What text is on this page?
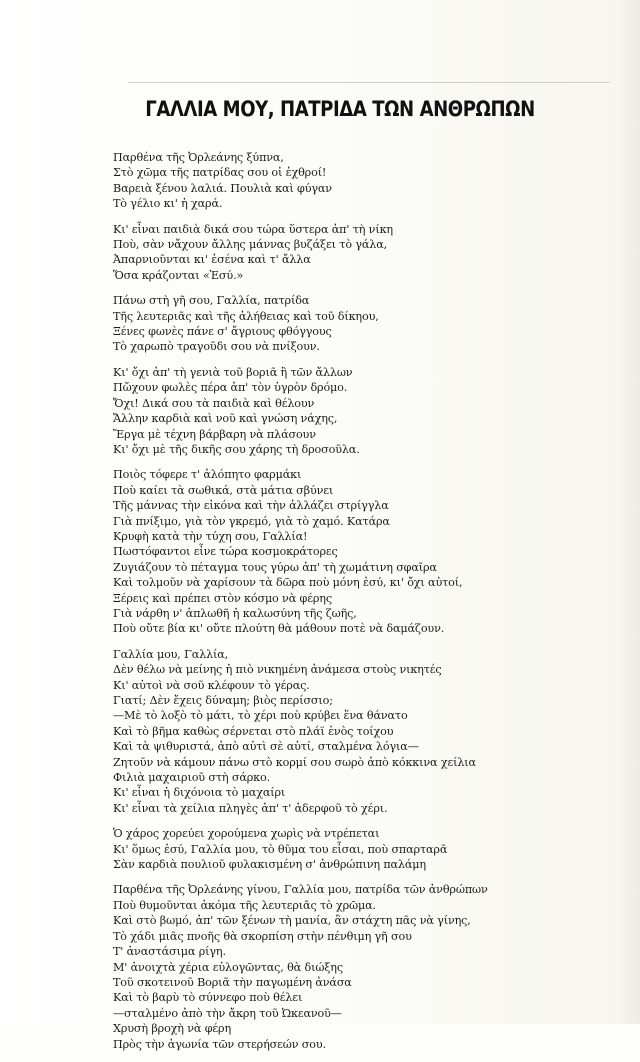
ΓΑΛΛΙΑ ΜΟΥ, ΠΑΤΡΙΔΑ ΤΩΝ ΑΝΘΡΩΠΩΝ
Παρθένα τῆς Ὀρλεάνης ξύπνα,
Στὸ χῶμα τῆς πατρίδας σου οἱ ἐχθροί!
Βαρειὰ ξένου λαλιά. Πουλιὰ καὶ φύγαν
Τὸ γέλιο κι' ἡ χαρά.
Κι' εἶναι παιδιὰ δικά σου τώρα ὕστερα ἀπ' τὴ νίκη
Ποὺ, σὰν νἄχουν ἄλλης μάννας βυζάξει τὸ γάλα,
Ἀπαρνιοῦνται κι' ἐσένα καὶ τ' ἄλλα
Ὅσα κράζονται «Ἐσύ.»
Πάνω στὴ γῆ σου, Γαλλία, πατρίδα
Τῆς λευτεριᾶς καὶ τῆς ἀλήθειας καὶ τοῦ δίκηου,
Ξένες φωνὲς πάνε σ' ἄγριους φθόγγους
Τὸ χαρωπὸ τραγοῦδι σου νὰ πνίξουν.
Κι' ὄχι ἀπ' τὴ γενιὰ τοῦ βοριᾶ ἢ τῶν ἄλλων
Πὤχουν φωλὲς πέρα ἀπ' τὸν ὑγρὸν δρόμο.
Ὄχι! Δικά σου τὰ παιδιὰ καὶ θέλουν
Ἄλλην καρδιὰ καὶ νοῦ καὶ γνώση νάχης,
Ἔργα μὲ τέχνη βάρβαρη νὰ πλάσουν
Κι' ὄχι μὲ τῆς δικῆς σου χάρης τὴ δροσοῦλα.
Ποιὸς τόφερε τ' ἀλόπητο φαρμάκι
Ποὺ καίει τὰ σωθικά, στὰ μάτια σβύνει
Τῆς μάννας τὴν εἰκόνα καὶ τὴν ἀλλάζει στρίγγλα
Γιὰ πνίξιμο, γιὰ τὸν γκρεμό, γιὰ τὸ χαμό. Κατάρα
Κρυφὴ κατὰ τὴν τύχη σου, Γαλλία!
Πωστόφαντοι εἶνε τώρα κοσμοκράτορες
Ζυγιάζουν τὸ πέταγμα τους γύρω ἀπ' τὴ χωμάτινη σφαῖρα
Καὶ τολμοῦν νὰ χαρίσουν τὰ δῶρα ποὺ μόνη ἐσύ, κι' ὄχι αὐτοί,
Ξέρεις καὶ πρέπει στὸν κόσμο νὰ φέρης
Γιὰ νάρθη ν' ἁπλωθῆ ἡ καλωσύνη τῆς ζωῆς,
Ποὺ οὔτε βία κι' οὔτε πλούτη θὰ μάθουν ποτὲ νὰ δαμάζουν.
Γαλλία μου, Γαλλία,
Δὲν θέλω νὰ μείνης ἡ πιὸ νικημένη ἀνάμεσα στοὺς νικητές
Κι' αὐτοὶ νὰ σοῦ κλέφουν τὸ γέρας.
Γιατί; Δὲν ἔχεις δύναμη; βιὸς περίσσιο;
—Μὲ τὸ λοξὸ τὸ μάτι, τὸ χέρι ποὺ κρύβει ἕνα θάνατο
Καὶ τὸ βῆμα καθὼς σέρνεται στὸ πλάϊ ἑνὸς τοίχου
Καὶ τὰ ψιθυριστά, ἀπὸ αὐτὶ σὲ αὐτί, σταλμένα λόγια—
Ζητοῦν νὰ κάμουν πάνω στὸ κορμί σου σωρὸ ἀπὸ κόκκινα χείλια
Φιλιὰ μαχαιριοῦ στὴ σάρκο.
Κι' εἶναι ἡ διχόνοια τὸ μαχαίρι
Κι' εἶναι τὰ χείλια πληγὲς ἀπ' τ' ἀδερφοῦ τὸ χέρι.
Ὁ χάρος χορεύει χορούμενα χωρὶς νὰ ντρέπεται
Κι' ὅμως ἐσύ, Γαλλία μου, τὸ θῦμα του εἶσαι, ποὺ σπαρταρᾶ
Σὰν καρδιὰ πουλιοῦ φυλακισμένη σ' ἀνθρώπινη παλάμη
Παρθένα τῆς Ὀρλεάνης γίνου, Γαλλία μου, πατρίδα τῶν ἀνθρώπων
Ποὺ θυμοῦνται ἀκόμα τῆς λευτεριᾶς τὸ χρῶμα.
Καὶ στὸ βωμό, ἀπ' τῶν ξένων τὴ μανία, ἂν στάχτη πᾶς νὰ γίνης,
Τὸ χάδι μιᾶς πνοῆς θὰ σκορπίση στὴν πένθιμη γῆ σου
Τ' ἀναστάσιμα ρίγη.
Μ' ἀνοιχτὰ χέρια εὐλογῶντας, θὰ διώξης
Τοῦ σκοτεινοῦ Βοριᾶ τὴν παγωμένη ἀνάσα
Καὶ τὸ βαρὺ τὸ σύννεφο ποὺ θέλει
—σταλμένο ἀπὸ τὴν ἄκρη τοῦ Ὠκεανοῦ—
Χρυσὴ βροχὴ νὰ φέρη
Πρὸς τὴν ἀγωνία τῶν στερήσεών σου.
